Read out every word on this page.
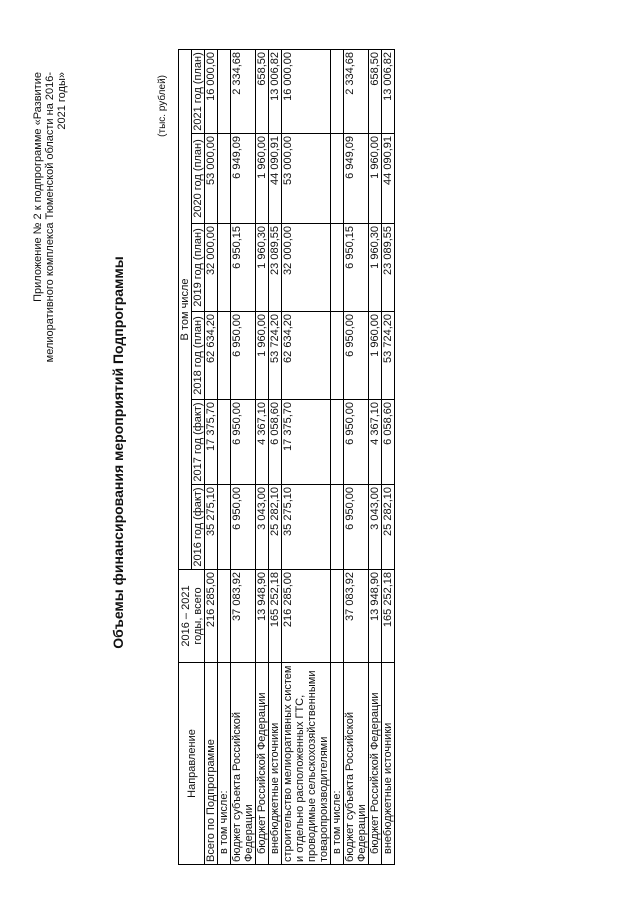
Приложение № 2 к подпрограмме «Развитие мелиоративного комплекса Тюменской области на 2016-2021 годы»
Объемы финансирования мероприятий Подпрограммы
(тыс. рублей)
Направление	2016 – 2021 годы, всего	В том числе					
		2016 год (факт)	2017 год (факт)	2018 год (план)	2019 год (план)	2020 год (план)	2021 год (план)
Всего по Подпрограмме	216 285,00	35 275,10	17 375,70	62 634,20	32 000,00	53 000,00	16 000,00
в том числе:							
бюджет субъекта Российской Федерации	37 083,92	6 950,00	6 950,00	6 950,00	6 950,15	6 949,09	2 334,68
бюджет Российской Федерации	13 948,90	3 043,00	4 367,10	1 960,00	1 960,30	1 960,00	658,50
внебюджетные источники	165 252,18	25 282,10	6 058,60	53 724,20	23 089,55	44 090,91	13 006,82
строительство мелиоративных систем и отдельно расположенных ГТС, проводимые сельскохозяйственными товаропроизводителями	216 285,00	35 275,10	17 375,70	62 634,20	32 000,00	53 000,00	16 000,00
в том числе:							
бюджет субъекта Российской Федерации	37 083,92	6 950,00	6 950,00	6 950,00	6 950,15	6 949,09	2 334,68
бюджет Российской Федерации	13 948,90	3 043,00	4 367,10	1 960,00	1 960,30	1 960,00	658,50
внебюджетные источники	165 252,18	25 282,10	6 058,60	53 724,20	23 089,55	44 090,91	13 006,82
